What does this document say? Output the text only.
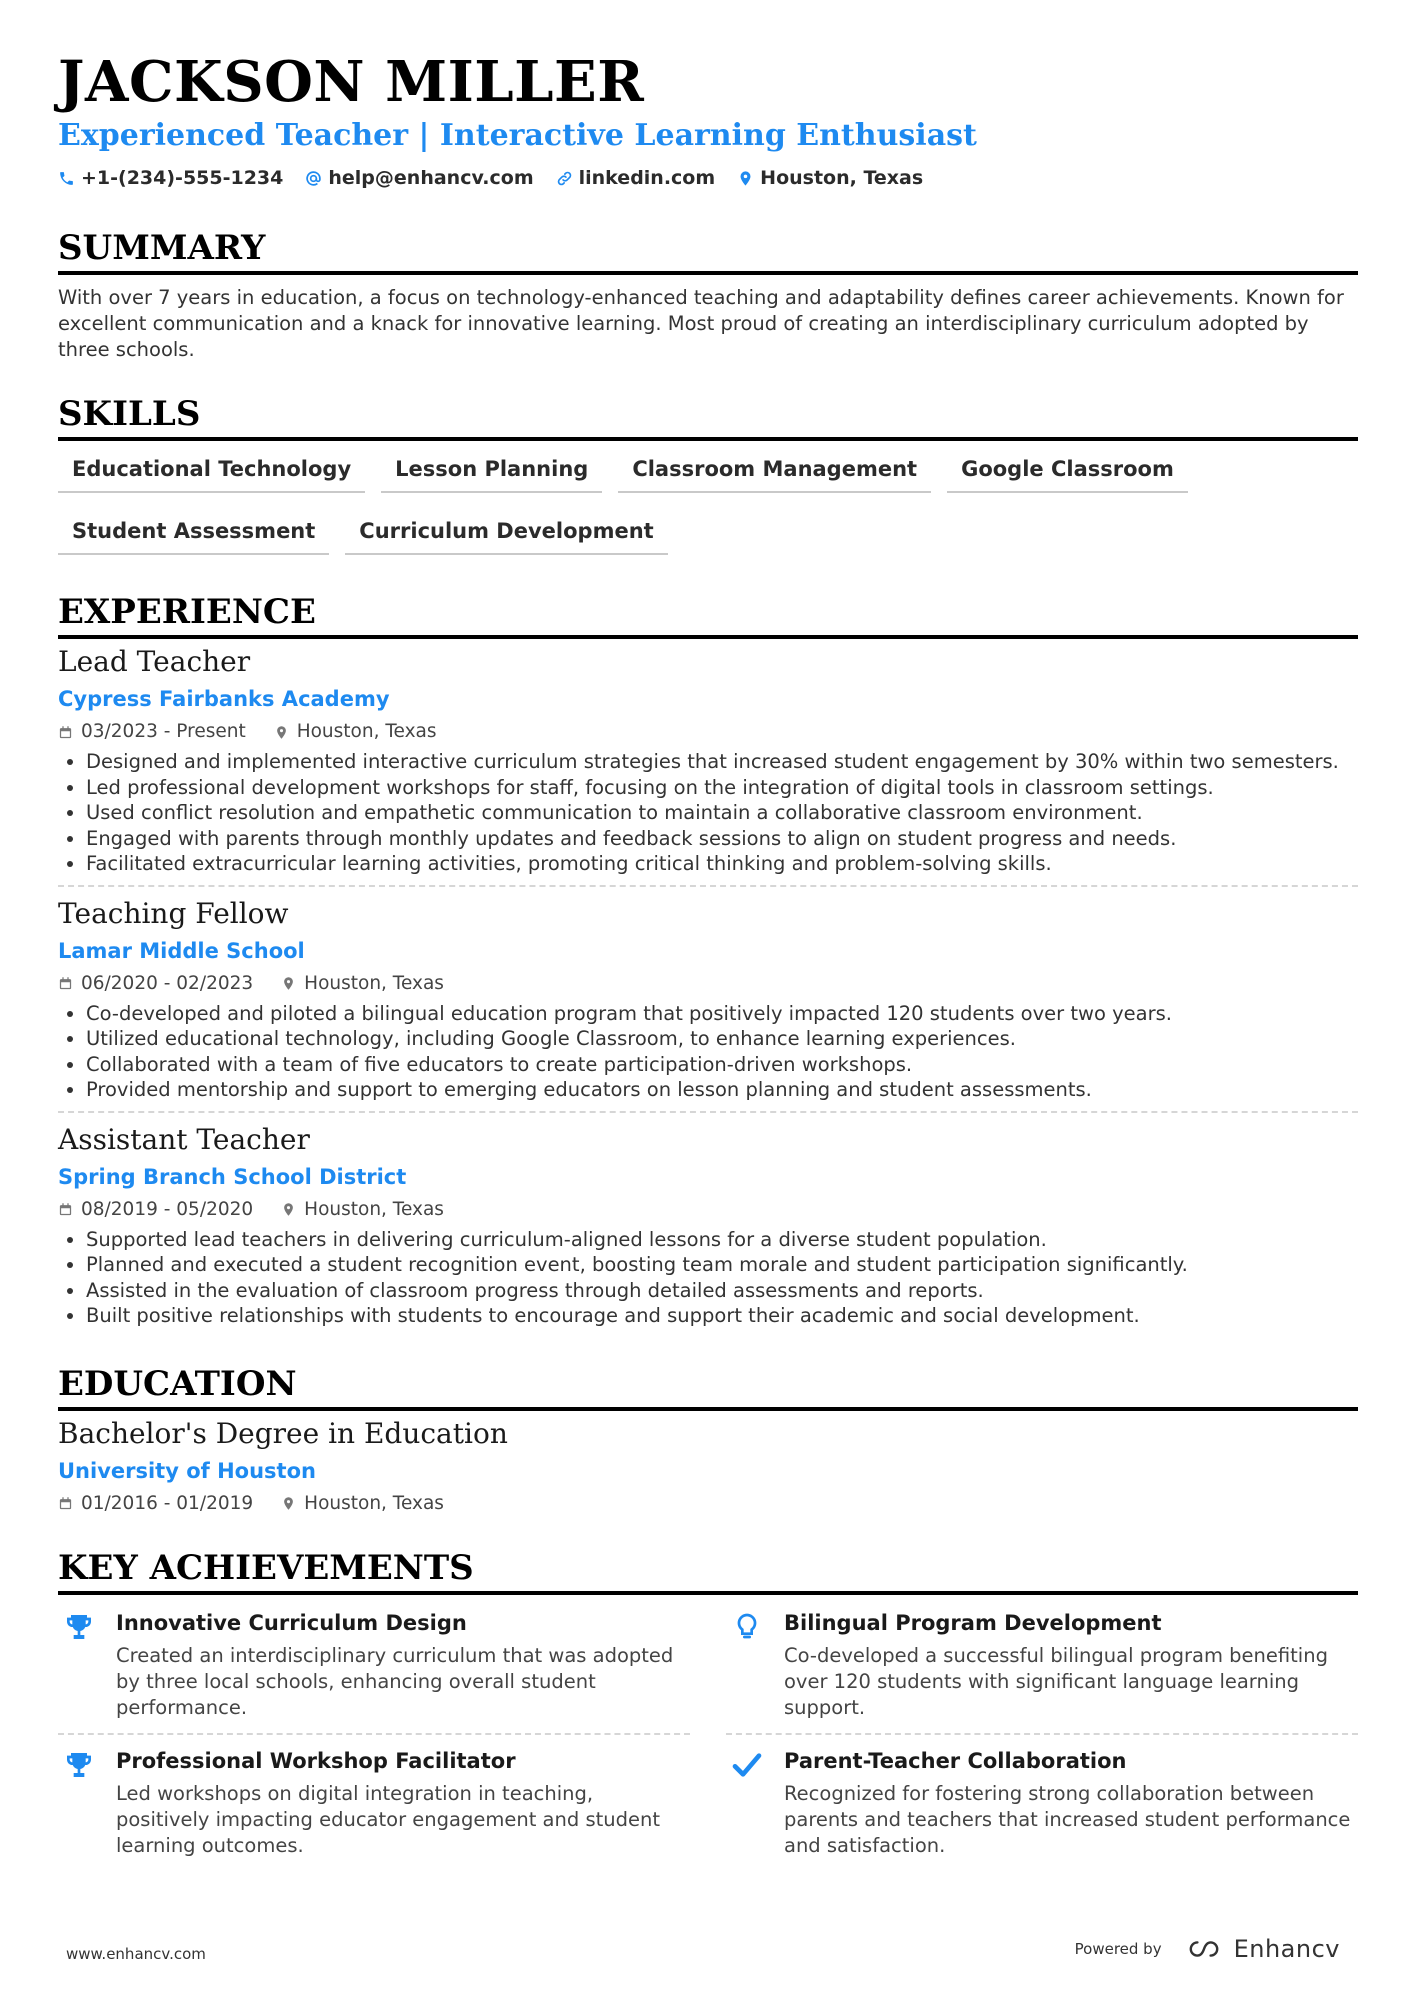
JACKSON MILLER
Experienced Teacher | Interactive Learning Enthusiast
+1-(234)-555-1234 help@enhancv.com linkedin.com Houston, Texas
SUMMARY
With over 7 years in education, a focus on technology-enhanced teaching and adaptability defines career achievements. Known for excellent communication and a knack for innovative learning. Most proud of creating an interdisciplinary curriculum adopted by three schools.
SKILLS
Educational Technology	Lesson Planning	Classroom Management	Google Classroom
Student Assessment	Curriculum Development
EXPERIENCE
Lead Teacher
Cypress Fairbanks Academy
03/2023 - Present	Houston, Texas
• Designed and implemented interactive curriculum strategies that increased student engagement by 30% within two semesters.
• Led professional development workshops for staff, focusing on the integration of digital tools in classroom settings.
• Used conflict resolution and empathetic communication to maintain a collaborative classroom environment.
• Engaged with parents through monthly updates and feedback sessions to align on student progress and needs.
• Facilitated extracurricular learning activities, promoting critical thinking and problem-solving skills.
Teaching Fellow
Lamar Middle School
06/2020 - 02/2023	Houston, Texas
• Co-developed and piloted a bilingual education program that positively impacted 120 students over two years.
• Utilized educational technology, including Google Classroom, to enhance learning experiences.
• Collaborated with a team of five educators to create participation-driven workshops.
• Provided mentorship and support to emerging educators on lesson planning and student assessments.
Assistant Teacher
Spring Branch School District
08/2019 - 05/2020	Houston, Texas
• Supported lead teachers in delivering curriculum-aligned lessons for a diverse student population.
• Planned and executed a student recognition event, boosting team morale and student participation significantly.
• Assisted in the evaluation of classroom progress through detailed assessments and reports.
• Built positive relationships with students to encourage and support their academic and social development.
EDUCATION
Bachelor's Degree in Education
University of Houston
01/2016 - 01/2019	Houston, Texas
KEY ACHIEVEMENTS
Innovative Curriculum Design
Created an interdisciplinary curriculum that was adopted by three local schools, enhancing overall student performance.
Bilingual Program Development
Co-developed a successful bilingual program benefiting over 120 students with significant language learning support.
Professional Workshop Facilitator
Led workshops on digital integration in teaching, positively impacting educator engagement and student learning outcomes.
Parent-Teacher Collaboration
Recognized for fostering strong collaboration between parents and teachers that increased student performance and satisfaction.
www.enhancv.com	Powered by	Enhancv
